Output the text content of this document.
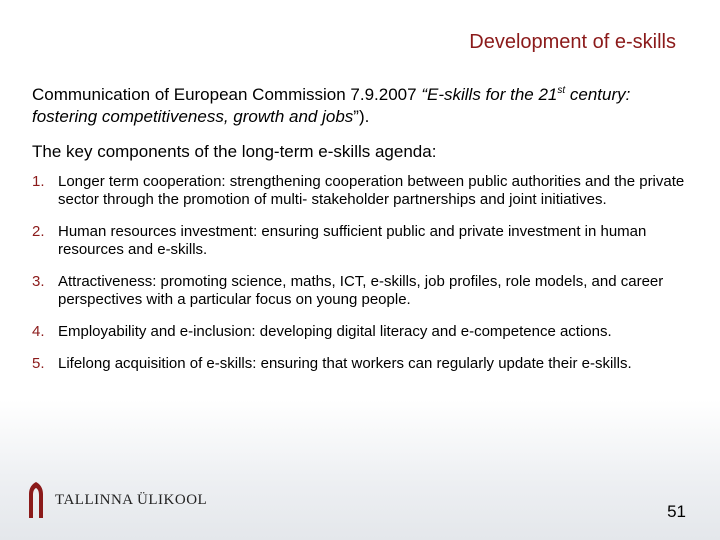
Development of e-skills
Communication of European Commission 7.9.2007 “E-skills for the 21st century: fostering competitiveness, growth and jobs”).
The key components of the long-term e-skills agenda:
1. Longer term cooperation: strengthening cooperation between public authorities and the private sector through the promotion of multi- stakeholder partnerships and joint initiatives.
2. Human resources investment: ensuring sufficient public and private investment in human resources and e-skills.
3. Attractiveness: promoting science, maths, ICT, e-skills, job profiles, role models, and career perspectives with a particular focus on young people.
4. Employability and e-inclusion: developing digital literacy and e-competence actions.
5. Lifelong acquisition of e-skills: ensuring that workers can regularly update their e-skills.
TALLINNA ÜLIKOOL
51
